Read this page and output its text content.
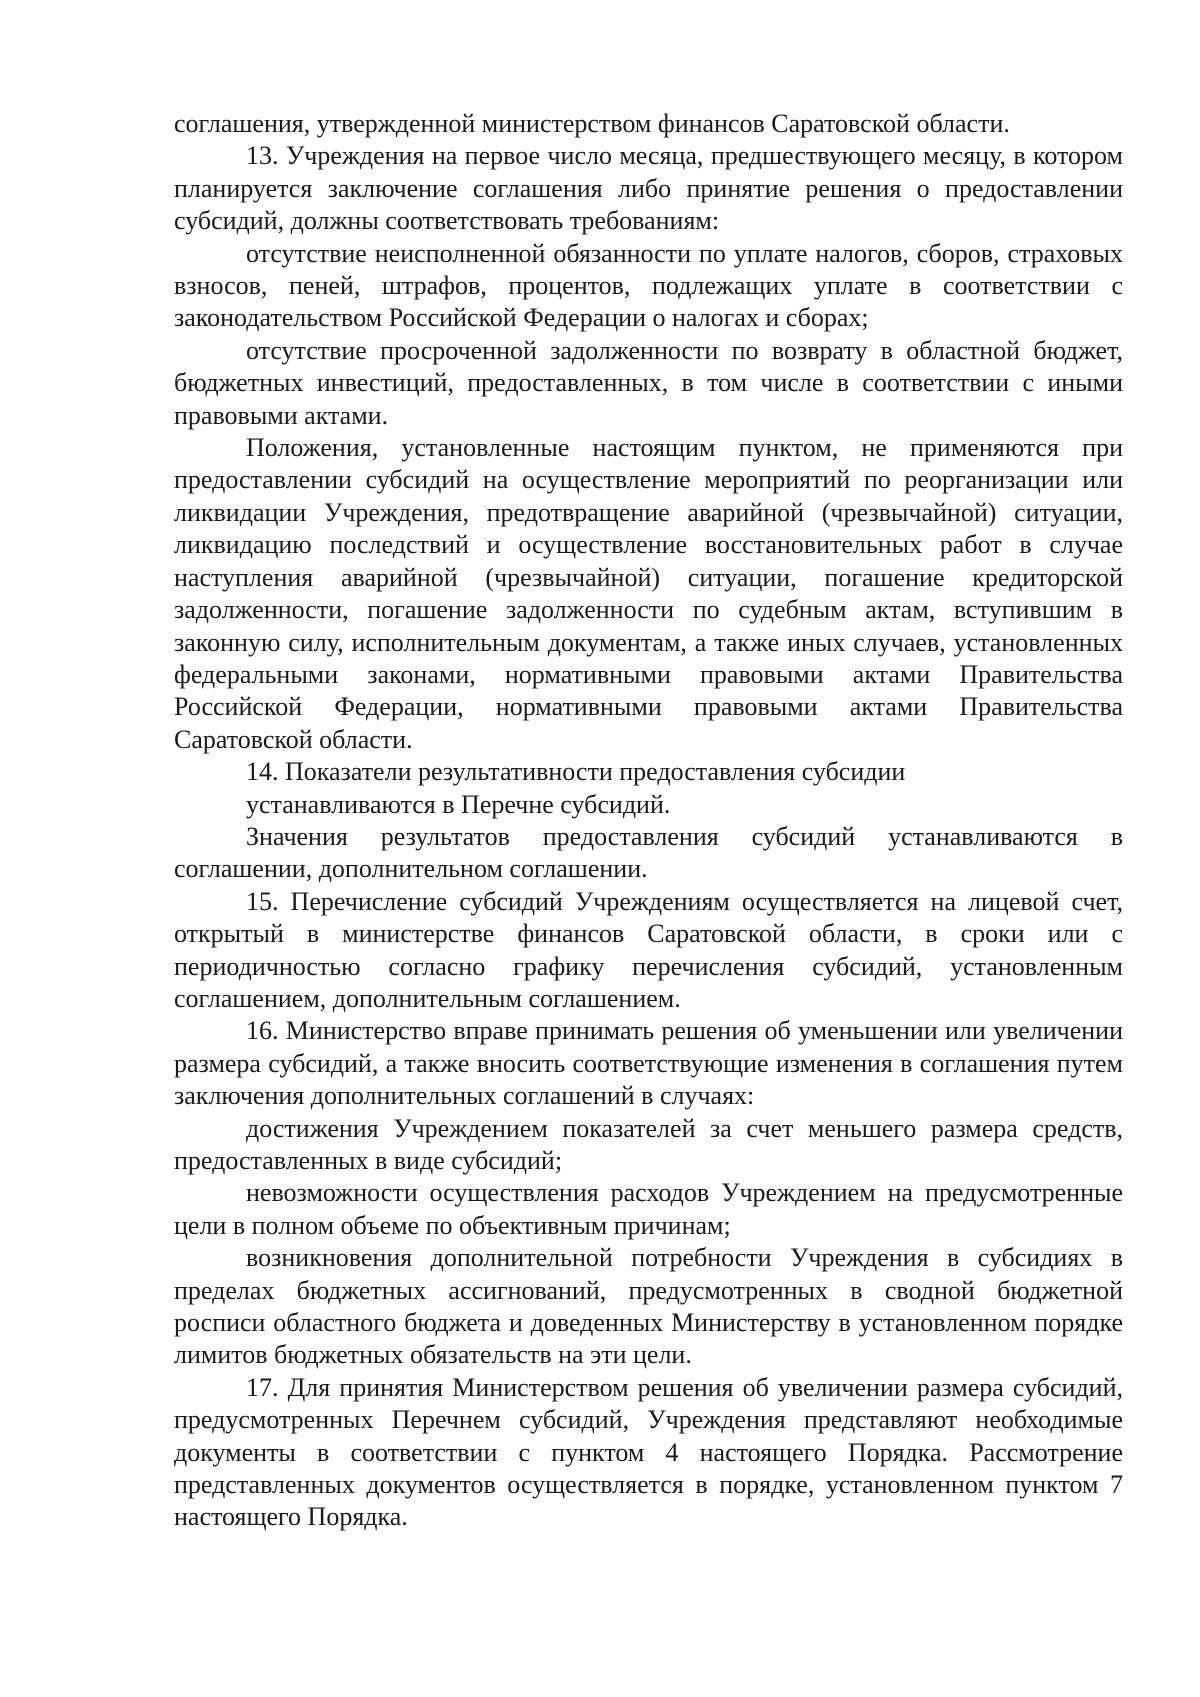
соглашения, утвержденной министерством финансов Саратовской области.

13. Учреждения на первое число месяца, предшествующего месяцу, в котором планируется заключение соглашения либо принятие решения о предоставлении субсидий, должны соответствовать требованиям:

отсутствие неисполненной обязанности по уплате налогов, сборов, страховых взносов, пеней, штрафов, процентов, подлежащих уплате в соответствии с законодательством Российской Федерации о налогах и сборах;

отсутствие просроченной задолженности по возврату в областной бюджет, бюджетных инвестиций, предоставленных, в том числе в соответствии с иными правовыми актами.

Положения, установленные настоящим пунктом, не применяются при предоставлении субсидий на осуществление мероприятий по реорганизации или ликвидации Учреждения, предотвращение аварийной (чрезвычайной) ситуации, ликвидацию последствий и осуществление восстановительных работ в случае наступления аварийной (чрезвычайной) ситуации, погашение кредиторской задолженности, погашение задолженности по судебным актам, вступившим в законную силу, исполнительным документам, а также иных случаев, установленных федеральными законами, нормативными правовыми актами Правительства Российской Федерации, нормативными правовыми актами Правительства Саратовской области.

14. Показатели результативности предоставления субсидии

устанавливаются в Перечне субсидий.

Значения результатов предоставления субсидий устанавливаются в соглашении, дополнительном соглашении.

15. Перечисление субсидий Учреждениям осуществляется на лицевой счет, открытый в министерстве финансов Саратовской области, в сроки или с периодичностью согласно графику перечисления субсидий, установленным соглашением, дополнительным соглашением.

16. Министерство вправе принимать решения об уменьшении или увеличении размера субсидий, а также вносить соответствующие изменения в соглашения путем заключения дополнительных соглашений в случаях:

достижения Учреждением показателей за счет меньшего размера средств, предоставленных в виде субсидий;

невозможности осуществления расходов Учреждением на предусмотренные цели в полном объеме по объективным причинам;

возникновения дополнительной потребности Учреждения в субсидиях в пределах бюджетных ассигнований, предусмотренных в сводной бюджетной росписи областного бюджета и доведенных Министерству в установленном порядке лимитов бюджетных обязательств на эти цели.

17. Для принятия Министерством решения об увеличении размера субсидий, предусмотренных Перечнем субсидий, Учреждения представляют необходимые документы в соответствии с пунктом 4 настоящего Порядка. Рассмотрение представленных документов осуществляется в порядке, установленном пунктом 7 настоящего Порядка.
